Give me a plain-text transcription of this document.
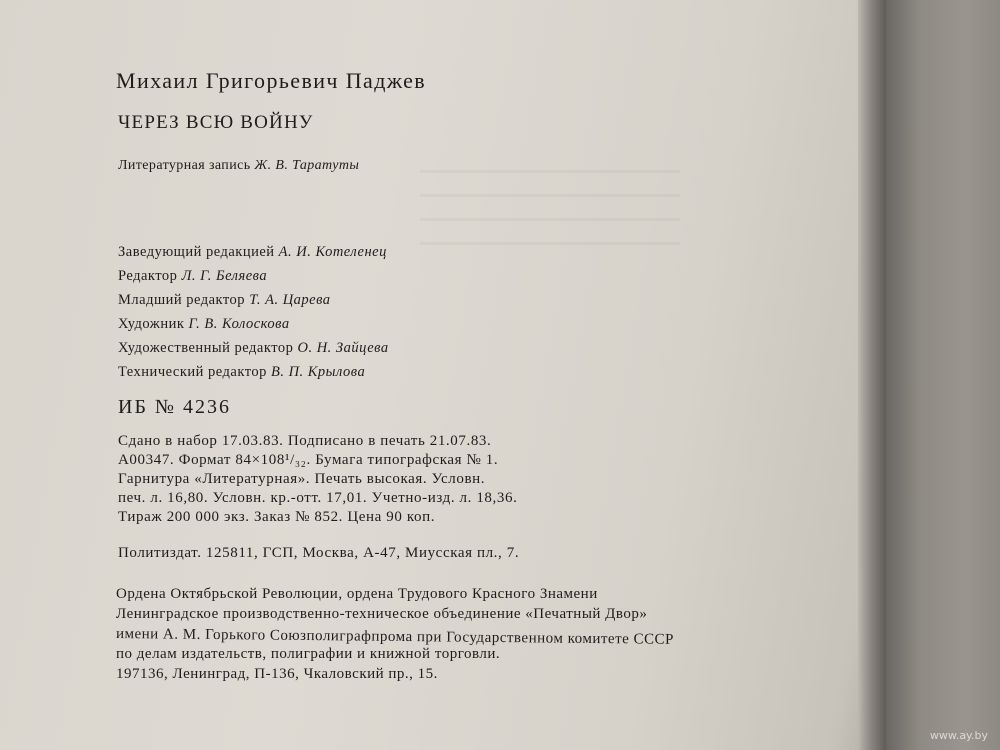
Михаил Григорьевич Паджев
ЧЕРЕЗ ВСЮ ВОЙНУ
Литературная запись Ж. В. Таратуты
Заведующий редакцией А. И. Котеленец
Редактор Л. Г. Беляева
Младший редактор Т. А. Царева
Художник Г. В. Колоскова
Художественный редактор О. Н. Зайцева
Технический редактор В. П. Крылова
ИБ № 4236
Сдано в набор 17.03.83. Подписано в печать 21.07.83.
А00347. Формат 84×108¹/₃₂. Бумага типографская № 1.
Гарнитура «Литературная». Печать высокая. Условн.
печ. л. 16,80. Условн. кр.-отт. 17,01. Учетно-изд. л. 18,36.
Тираж 200 000 экз. Заказ № 852. Цена 90 коп.
Политиздат. 125811, ГСП, Москва, А-47, Миусская пл., 7.
Ордена Октябрьской Революции, ордена Трудового Красного Знамени
Ленинградское производственно-техническое объединение «Печатный Двор»
имени А. М. Горького Союзполиграфпрома при Государственном комитете СССР
по делам издательств, полиграфии и книжной торговли.
197136, Ленинград, П-136, Чкаловский пр., 15.
www.ay.by
